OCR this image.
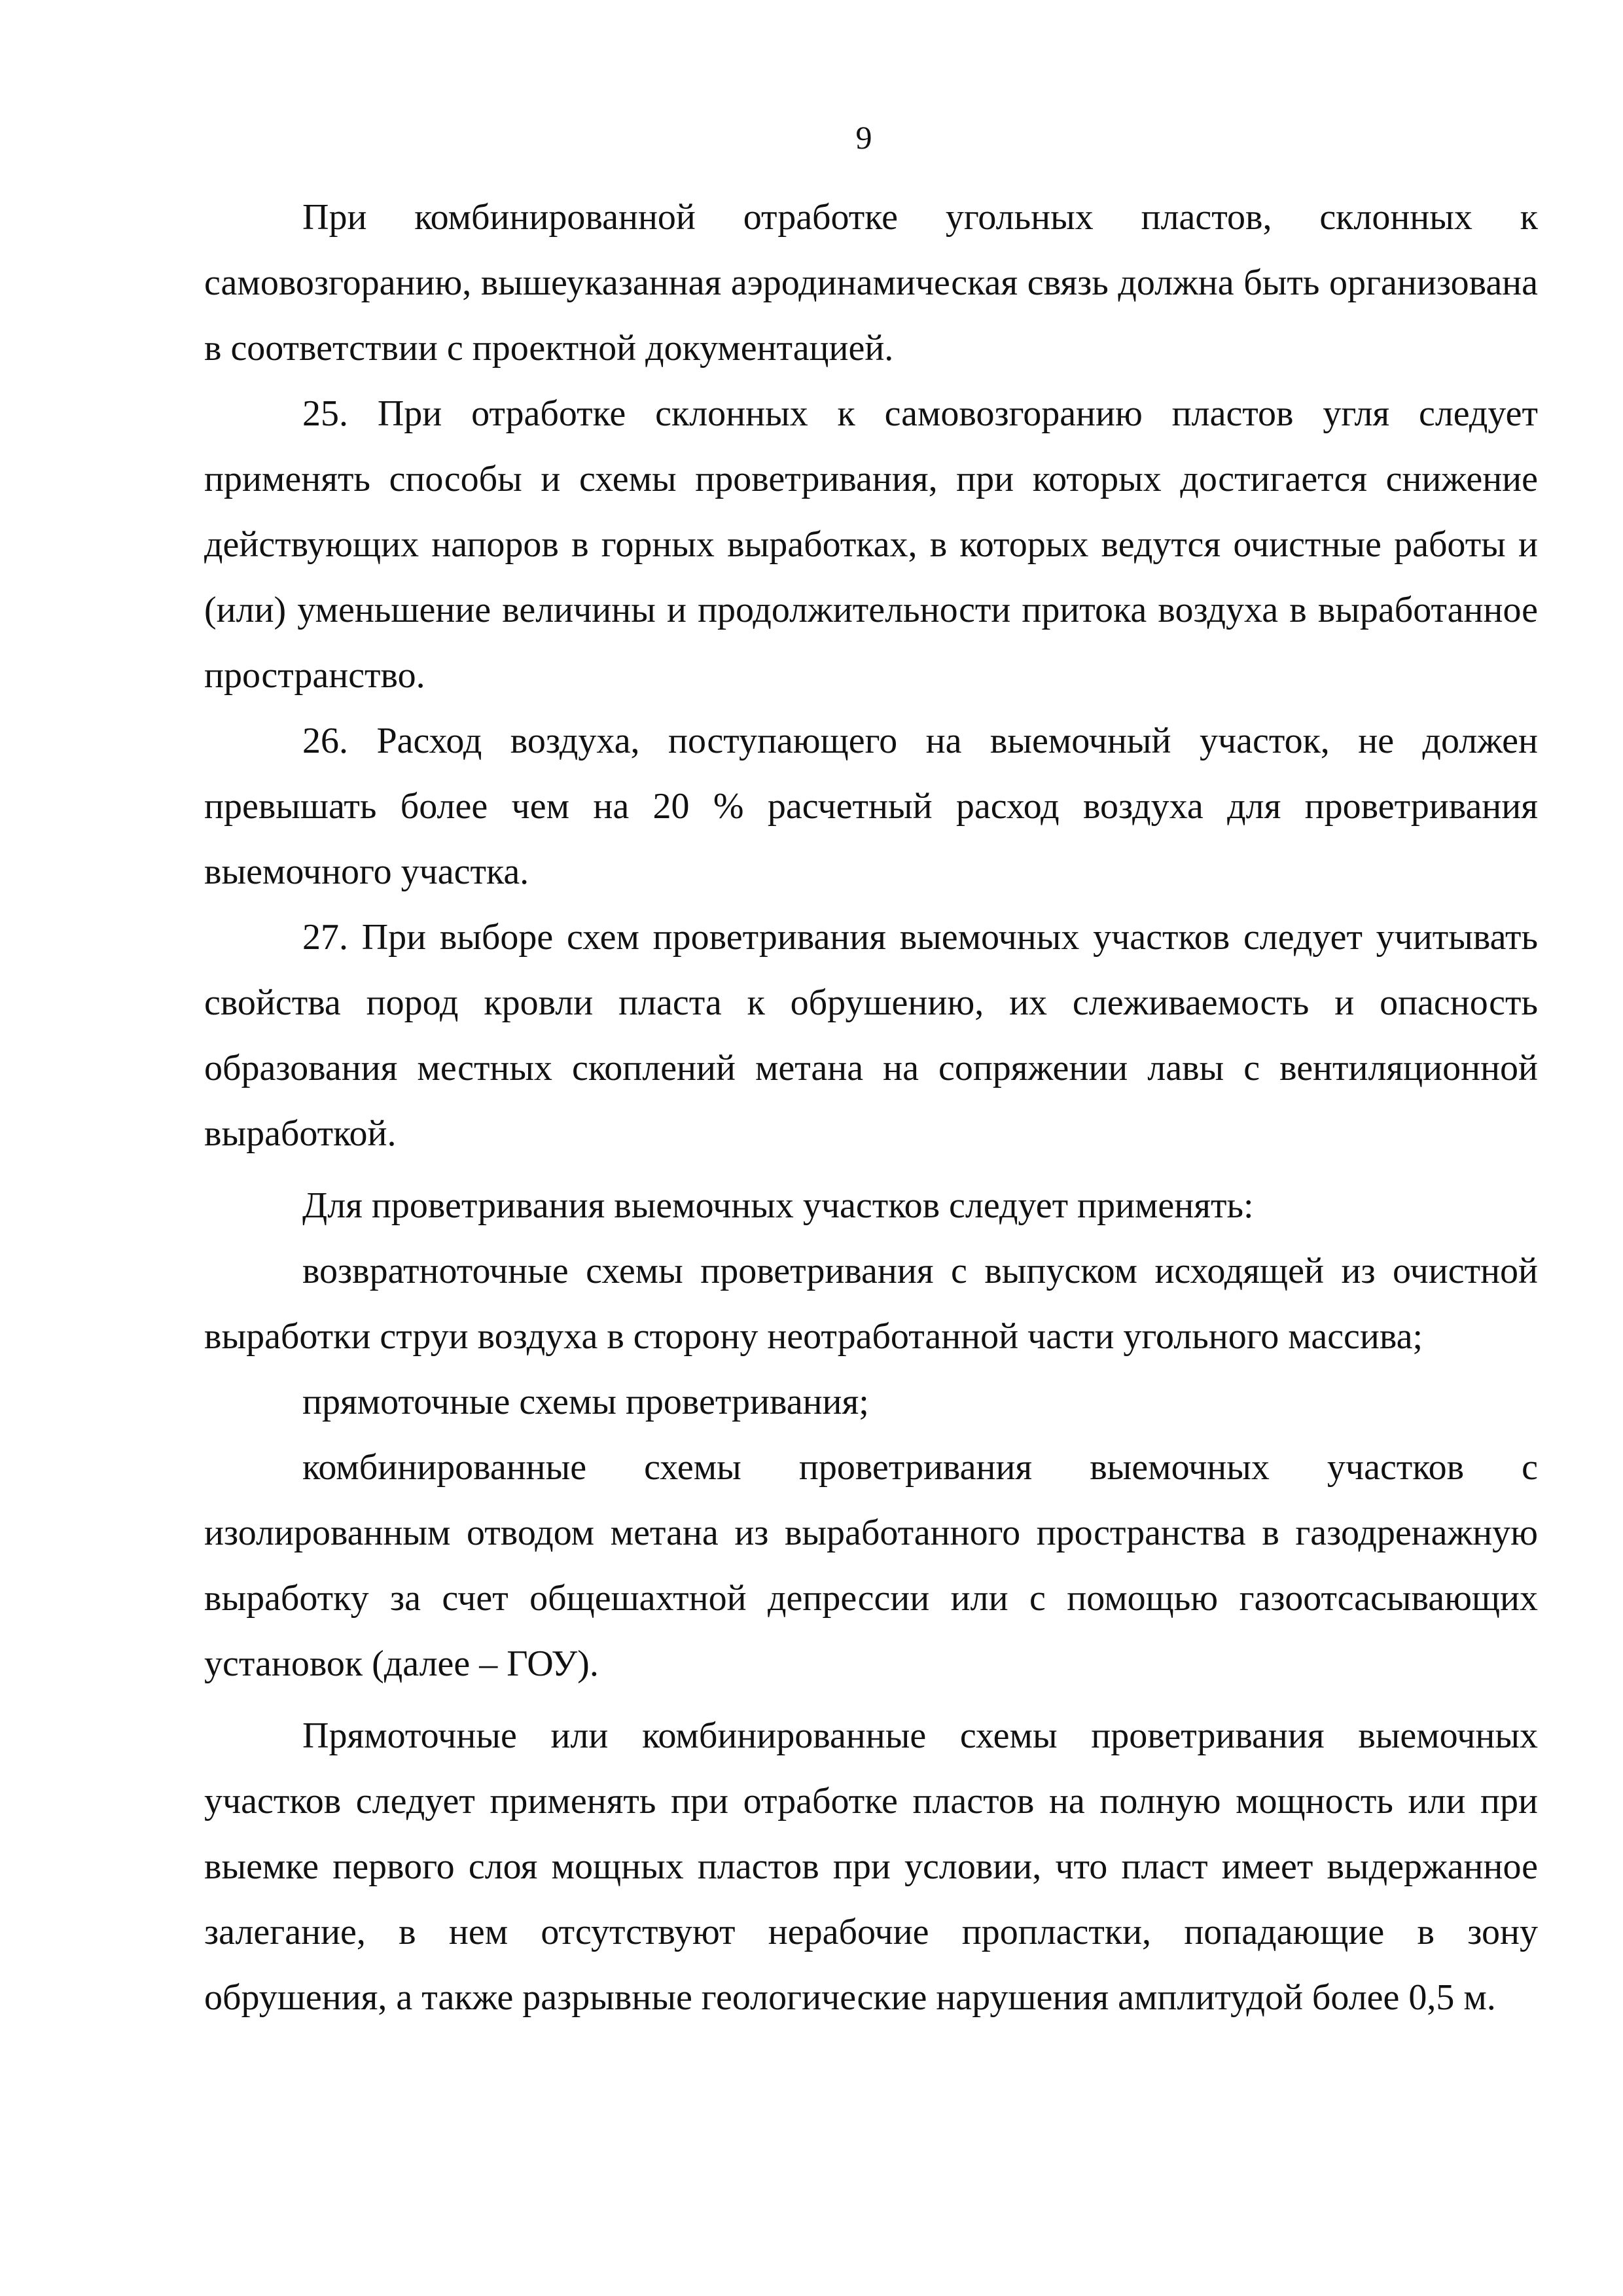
9

При комбинированной отработке угольных пластов, склонных к самовозгоранию, вышеуказанная аэродинамическая связь должна быть организована в соответствии с проектной документацией.

25. При отработке склонных к самовозгоранию пластов угля следует применять способы и схемы проветривания, при которых достигается снижение действующих напоров в горных выработках, в которых ведутся очистные работы и (или) уменьшение величины и продолжительности притока воздуха в выработанное пространство.

26. Расход воздуха, поступающего на выемочный участок, не должен превышать более чем на 20 % расчетный расход воздуха для проветривания выемочного участка.

27. При выборе схем проветривания выемочных участков следует учитывать свойства пород кровли пласта к обрушению, их слеживаемость и опасность образования местных скоплений метана на сопряжении лавы с вентиляционной выработкой.

Для проветривания выемочных участков следует применять:

возвратноточные схемы проветривания с выпуском исходящей из очистной выработки струи воздуха в сторону неотработанной части угольного массива;

прямоточные схемы проветривания;

комбинированные схемы проветривания выемочных участков с изолированным отводом метана из выработанного пространства в газодренажную выработку за счет общешахтной депрессии или с помощью газоотсасывающих установок (далее – ГОУ).

Прямоточные или комбинированные схемы проветривания выемочных участков следует применять при отработке пластов на полную мощность или при выемке первого слоя мощных пластов при условии, что пласт имеет выдержанное залегание, в нем отсутствуют нерабочие пропластки, попадающие в зону обрушения, а также разрывные геологические нарушения амплитудой более 0,5 м.
